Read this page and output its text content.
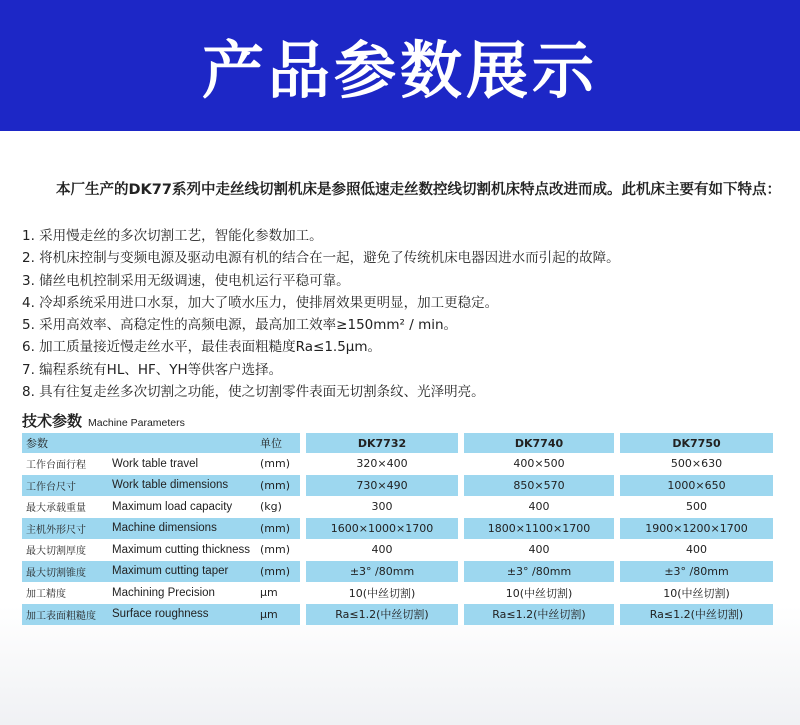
产品参数展示
本厂生产的DK77系列中走丝线切割机床是参照低速走丝数控线切割机床特点改进而成。此机床主要有如下特点：
1. 采用慢走丝的多次切割工艺，智能化参数加工。
2. 将机床控制与变频电源及驱动电源有机的结合在一起，避免了传统机床电器因进水而引起的故障。
3. 储丝电机控制采用无级调速，使电机运行平稳可靠。
4. 冷却系统采用进口水泵，加大了喷水压力，使排屑效果更明显，加工更稳定。
5. 采用高效率、高稳定性的高频电源，最高加工效率≥150mm² / min。
6. 加工质量接近慢走丝水平，最佳表面粗糙度Ra≤1.5μm。
7. 编程系统有HL、HF、YH等供客户选择。
8. 具有往复走丝多次切割之功能，使之切割零件表面无切割条纹、光泽明亮。
技术参数 Machine Parameters
参数		单位		DK7732		DK7740		DK7750
工作台面行程	Work table travel	(mm)		320×400		400×500		500×630
工作台尺寸	Work table dimensions	(mm)		730×490		850×570		1000×650
最大承载重量	Maximum load capacity	(kg)		300		400		500
主机外形尺寸	Machine dimensions	(mm)		1600×1000×1700		1800×1100×1700		1900×1200×1700
最大切割厚度	Maximum cutting thickness	(mm)		400		400		400
最大切割锥度	Maximum cutting taper	(mm)		±3° /80mm		±3° /80mm		±3° /80mm
加工精度	Machining Precision	μm		10(中丝切割)		10(中丝切割)		10(中丝切割)
加工表面粗糙度	Surface roughness	μm		Ra≤1.2(中丝切割)		Ra≤1.2(中丝切割)		Ra≤1.2(中丝切割)
